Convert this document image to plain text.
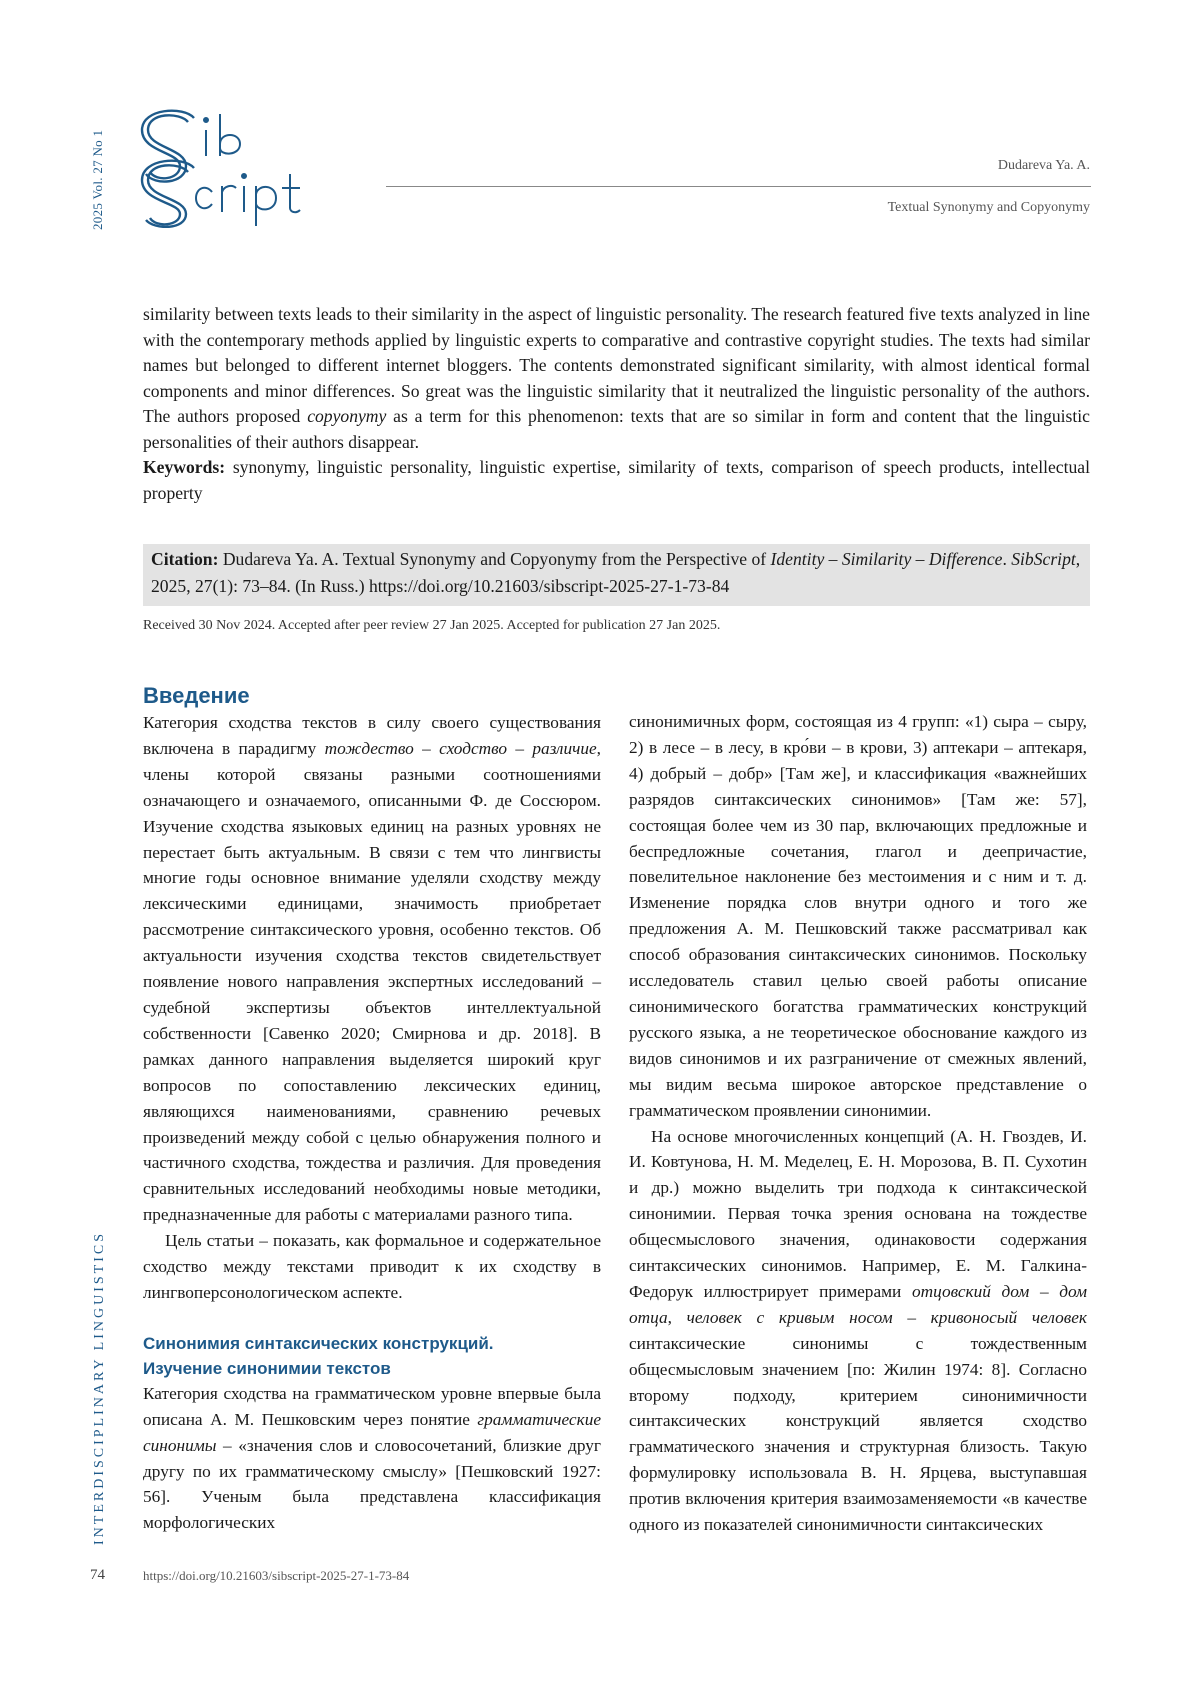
2025 Vol. 27 No 1
INTERDISCIPLINARY LINGUISTICS
Dudareva Ya. A.
Textual Synonymy and Copyonymy

similarity between texts leads to their similarity in the aspect of linguistic personality. The research featured five texts analyzed in line with the contemporary methods applied by linguistic experts to comparative and contrastive copyright studies. The texts had similar names but belonged to different internet bloggers. The contents demonstrated significant similarity, with almost identical formal components and minor differences. So great was the linguistic similarity that it neutralized the linguistic personality of the authors. The authors proposed copyonymy as a term for this phenomenon: texts that are so similar in form and content that the linguistic personalities of their authors disappear.

Keywords: synonymy, linguistic personality, linguistic expertise, similarity of texts, comparison of speech products, intellectual property

Citation: Dudareva Ya. A. Textual Synonymy and Copyonymy from the Perspective of Identity – Similarity – Difference. SibScript, 2025, 27(1): 73–84. (In Russ.) https://doi.org/10.21603/sibscript-2025-27-1-73-84
Received 30 Nov 2024. Accepted after peer review 27 Jan 2025. Accepted for publication 27 Jan 2025.
Введение

Категория сходства текстов в силу своего существования включена в парадигму тождество – сходство – различие, члены которой связаны разными соотношениями означающего и означаемого, описанными Ф. де Соссюром. Изучение сходства языковых единиц на разных уровнях не перестает быть актуальным. В связи с тем что лингвисты многие годы основное внимание уделяли сходству между лексическими единицами, значимость приобретает рассмотрение синтаксического уровня, особенно текстов. Об актуальности изучения сходства текстов свидетельствует появление нового направления экспертных исследований – судебной экспертизы объектов интеллектуальной собственности [Савенко 2020; Смирнова и др. 2018]. В рамках данного направления выделяется широкий круг вопросов по сопоставлению лексических единиц, являющихся наименованиями, сравнению речевых произведений между собой с целью обнаружения полного и частичного сходства, тождества и различия. Для проведения сравнительных исследований необходимы новые методики, предназначенные для работы с материалами разного типа.

Цель статьи – показать, как формальное и содержательное сходство между текстами приводит к их сходству в лингвоперсонологическом аспекте.

Синонимия синтаксических конструкций.
Изучение синонимии текстов

Категория сходства на грамматическом уровне впервые была описана А. М. Пешковским через понятие грамматические синонимы – «значения слов и словосочетаний, близкие друг другу по их грамматическому смыслу» [Пешковский 1927: 56]. Ученым была представлена классификация морфологических

синонимичных форм, состоящая из 4 групп: «1) сыра – сыру, 2) в лесе – в лесу, в кро́ви – в крови, 3) аптекари – аптекаря, 4) добрый – добр» [Там же], и классификация «важнейших разрядов синтаксических синонимов» [Там же: 57], состоящая более чем из 30 пар, включающих предложные и беспредложные сочетания, глагол и деепричастие, повелительное наклонение без местоимения и с ним и т. д. Изменение порядка слов внутри одного и того же предложения А. М. Пешковский также рассматривал как способ образования синтаксических синонимов. Поскольку исследователь ставил целью своей работы описание синонимического богатства грамматических конструкций русского языка, а не теоретическое обоснование каждого из видов синонимов и их разграничение от смежных явлений, мы видим весьма широкое авторское представление о грамматическом проявлении синонимии.

На основе многочисленных концепций (А. Н. Гвоздев, И. И. Ковтунова, Н. М. Меделец, Е. Н. Морозова, В. П. Сухотин и др.) можно выделить три подхода к синтаксической синонимии. Первая точка зрения основана на тождестве общесмыслового значения, одинаковости содержания синтаксических синонимов. Например, Е. М. Галкина-Федорук иллюстрирует примерами отцовский дом – дом отца, человек с кривым носом – кривоносый человек синтаксические синонимы с тождественным общесмысловым значением [по: Жилин 1974: 8]. Согласно второму подходу, критерием синонимичности синтаксических конструкций является сходство грамматического значения и структурная близость. Такую формулировку использовала В. Н. Ярцева, выступавшая против включения критерия взаимозаменяемости «в качестве одного из показателей синонимичности синтаксических

74	https://doi.org/10.21603/sibscript-2025-27-1-73-84
